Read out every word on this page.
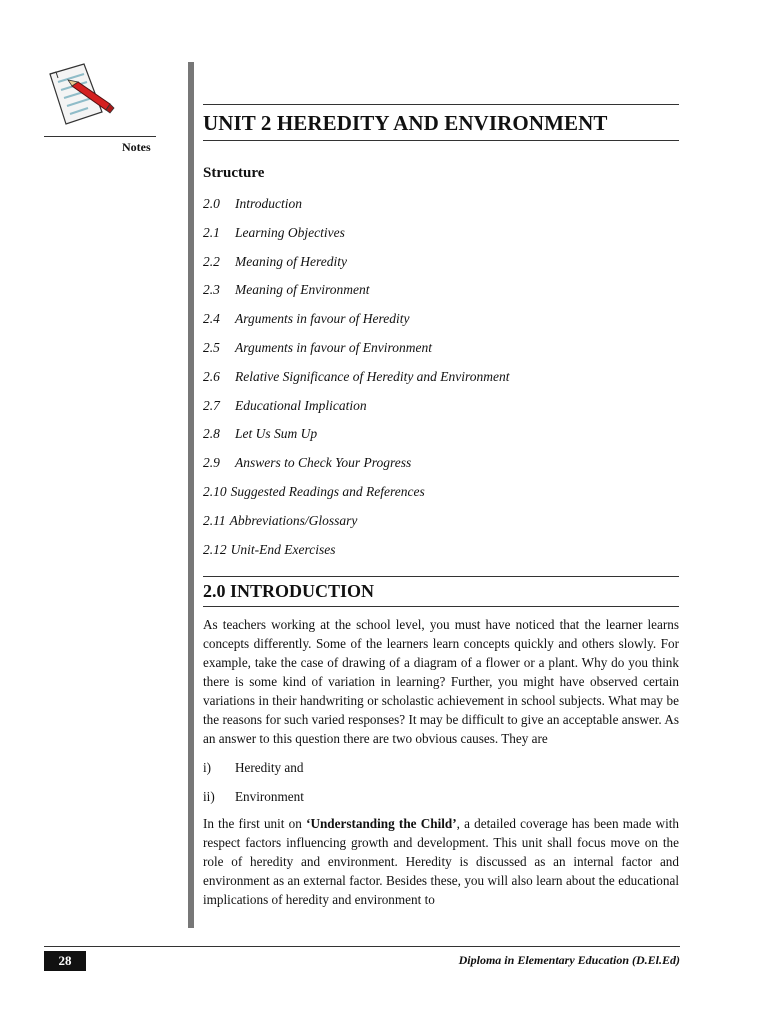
Notes
UNIT 2 HEREDITY AND ENVIRONMENT
Structure
2.0 Introduction
2.1 Learning Objectives
2.2 Meaning of Heredity
2.3 Meaning of Environment
2.4 Arguments in favour of Heredity
2.5 Arguments in favour of Environment
2.6 Relative Significance of Heredity and Environment
2.7 Educational Implication
2.8 Let Us Sum Up
2.9 Answers to Check Your Progress
2.10 Suggested Readings and References
2.11 Abbreviations/Glossary
2.12 Unit-End Exercises
2.0 INTRODUCTION

As teachers working at the school level, you must have noticed that the learner learns concepts differently. Some of the learners learn concepts quickly and others slowly. For example, take the case of drawing of a diagram of a flower or a plant. Why do you think there is some kind of variation in learning? Further, you might have observed certain variations in their handwriting or scholastic achievement in school subjects. What may be the reasons for such varied responses? It may be difficult to give an acceptable answer. As an answer to this question there are two obvious causes. They are

i) Heredity and
ii) Environment

In the first unit on ‘Understanding the Child’, a detailed coverage has been made with respect factors influencing growth and development. This unit shall focus move on the role of heredity and environment. Heredity is discussed as an internal factor and environment as an external factor. Besides these, you will also learn about the educational implications of heredity and environment to

28	Diploma in Elementary Education (D.El.Ed)
